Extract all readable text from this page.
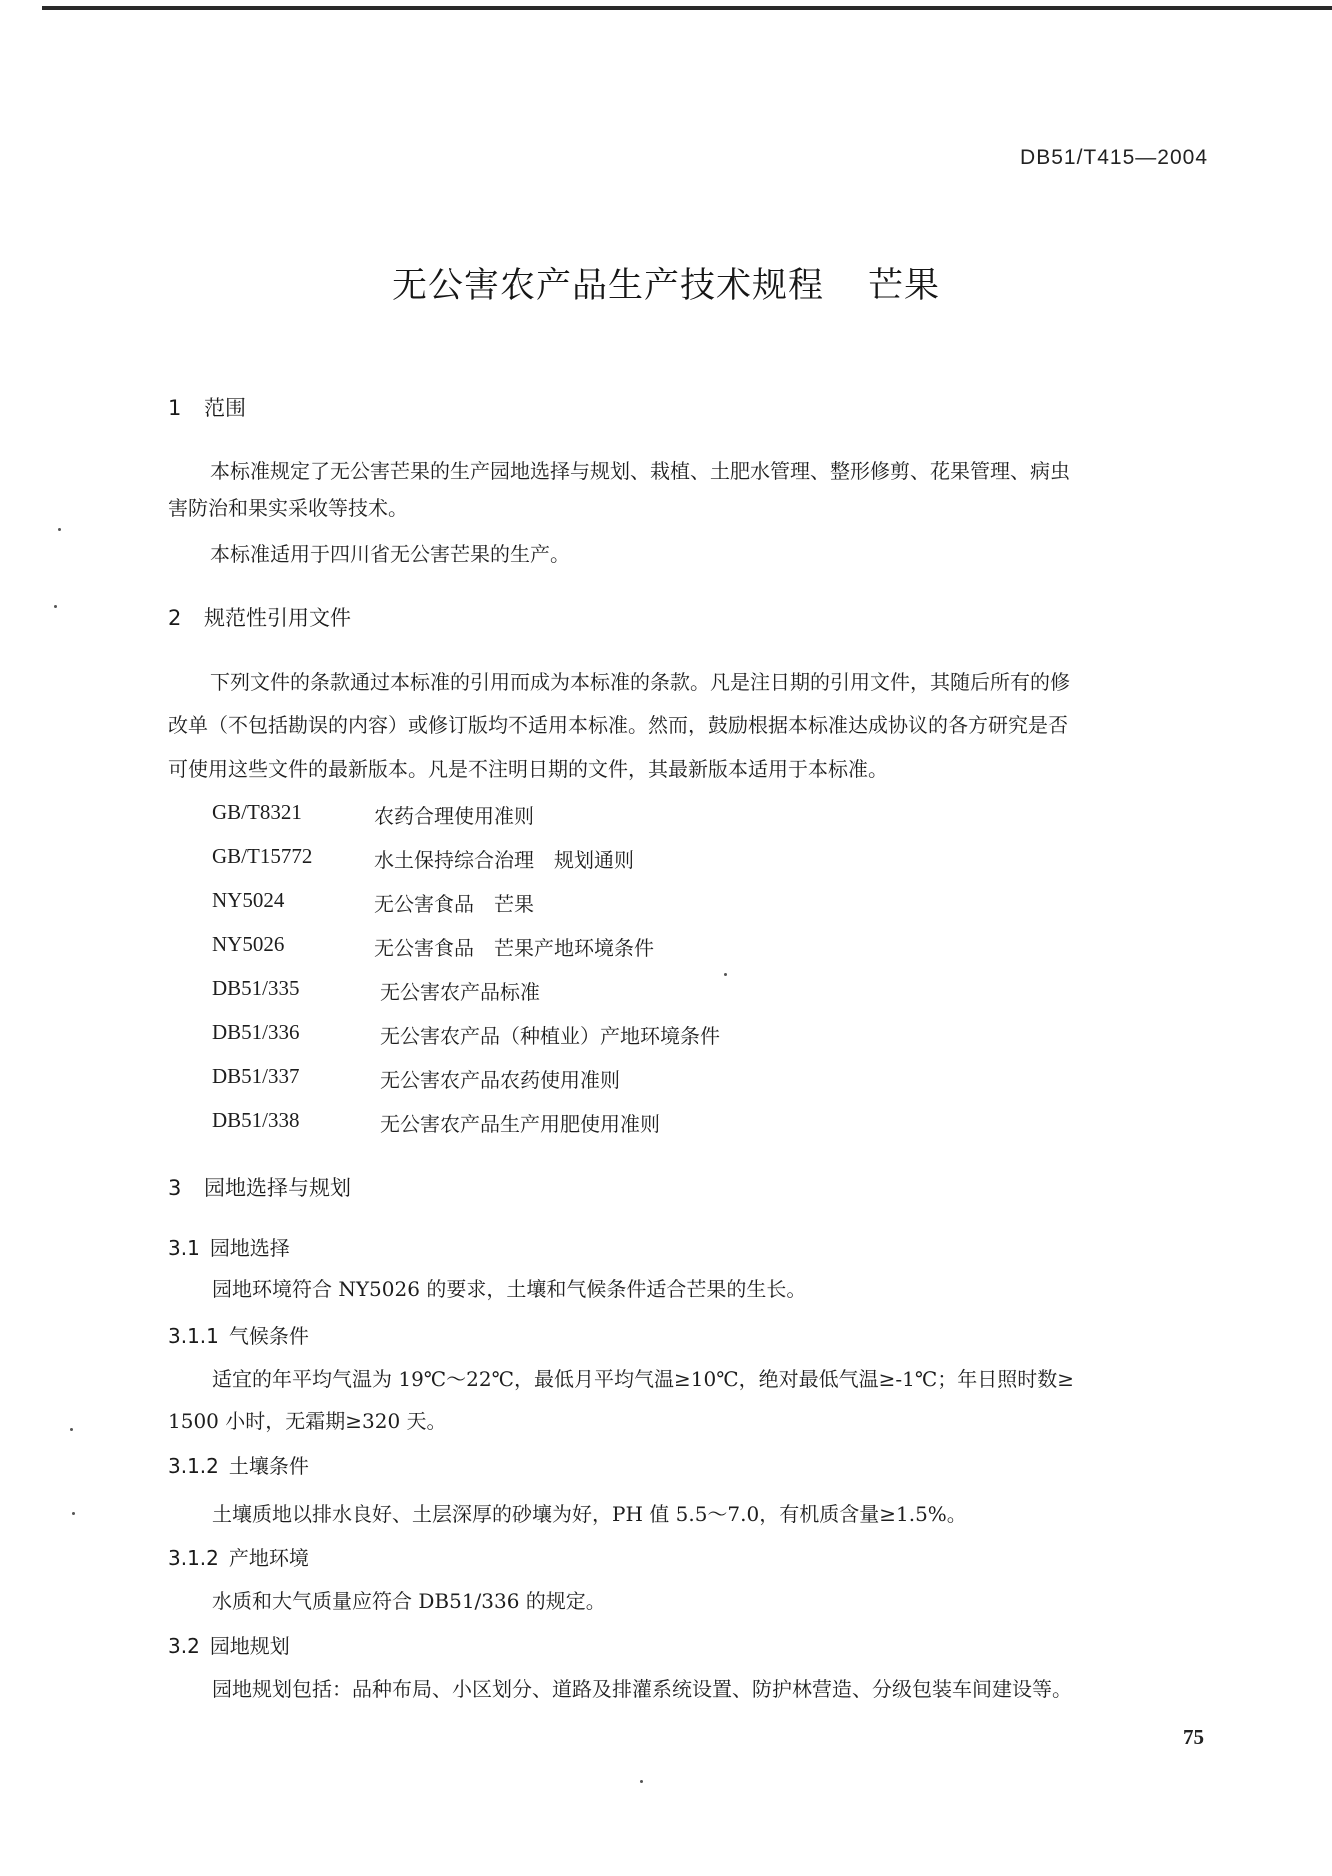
DB51/T415—2004
无公害农产品生产技术规程 芒果
1 范围
本标准规定了无公害芒果的生产园地选择与规划、栽植、土肥水管理、整形修剪、花果管理、病虫
害防治和果实采收等技术。
本标准适用于四川省无公害芒果的生产。
2 规范性引用文件
下列文件的条款通过本标准的引用而成为本标准的条款。凡是注日期的引用文件，其随后所有的修
改单（不包括勘误的内容）或修订版均不适用本标准。然而，鼓励根据本标准达成协议的各方研究是否
可使用这些文件的最新版本。凡是不注明日期的文件，其最新版本适用于本标准。
GB/T8321	农药合理使用准则
GB/T15772	水土保持综合治理　规划通则
NY5024	无公害食品　芒果
NY5026	无公害食品　芒果产地环境条件
DB51/335	无公害农产品标准
DB51/336	无公害农产品（种植业）产地环境条件
DB51/337	无公害农产品农药使用准则
DB51/338	无公害农产品生产用肥使用准则
3 园地选择与规划
3.1 园地选择
园地环境符合 NY5026 的要求，土壤和气候条件适合芒果的生长。
3.1.1 气候条件
适宜的年平均气温为 19℃～22℃，最低月平均气温≥10℃，绝对最低气温≥-1℃；年日照时数≥
1500 小时，无霜期≥320 天。
3.1.2 土壤条件
土壤质地以排水良好、土层深厚的砂壤为好，PH 值 5.5～7.0，有机质含量≥1.5%。
3.1.2 产地环境
水质和大气质量应符合 DB51/336 的规定。
3.2 园地规划
园地规划包括：品种布局、小区划分、道路及排灌系统设置、防护林营造、分级包装车间建设等。
75
